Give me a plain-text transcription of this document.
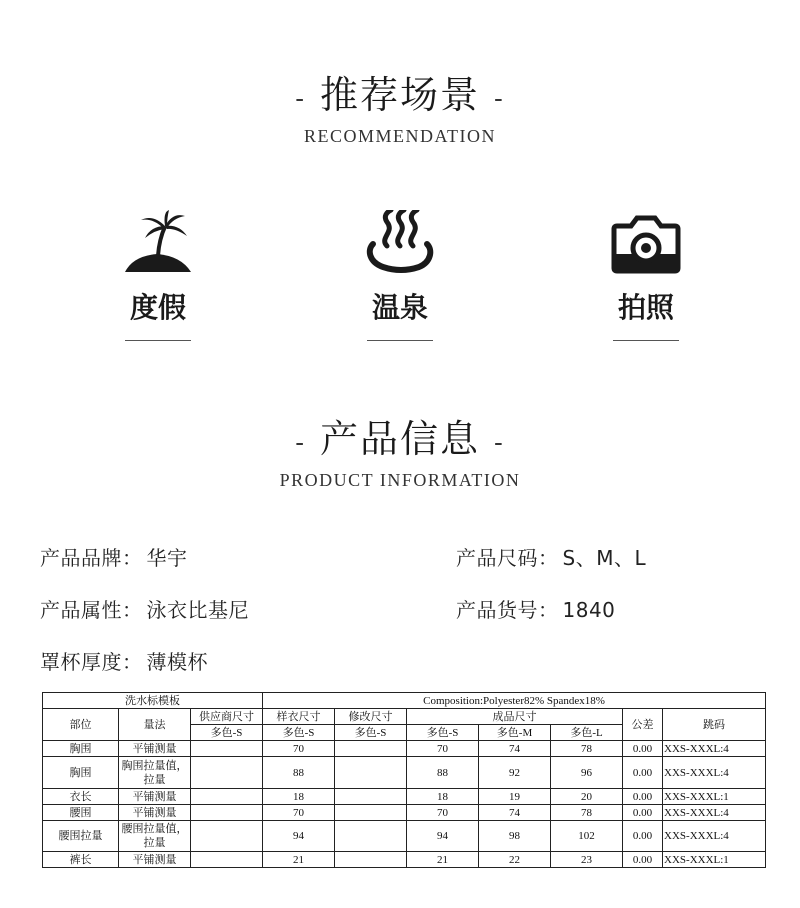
- 推荐场景 -
RECOMMENDATION
度假	温泉	拍照
- 产品信息 -
PRODUCT INFORMATION
产品品牌： 华宇	产品尺码： S、M、L
产品属性： 泳衣比基尼	产品货号： 1840
罩杯厚度： 薄模杯
洗水标模板			Composition:Polyester82% Spandex18%						
部位	量法	供应商尺寸	样衣尺寸	修改尺寸	成品尺寸			公差	跳码
		多色-S	多色-S	多色-S	多色-S	多色-M	多色-L		
胸围	平铺测量		70		70	74	78	0.00	XXS-XXXL:4
胸围	胸围拉量值，拉量		88		88	92	96	0.00	XXS-XXXL:4
衣长	平铺测量		18		18	19	20	0.00	XXS-XXXL:1
腰围	平铺测量		70		70	74	78	0.00	XXS-XXXL:4
腰围拉量	腰围拉量值，拉量		94		94	98	102	0.00	XXS-XXXL:4
裤长	平铺测量		21		21	22	23	0.00	XXS-XXXL:1
